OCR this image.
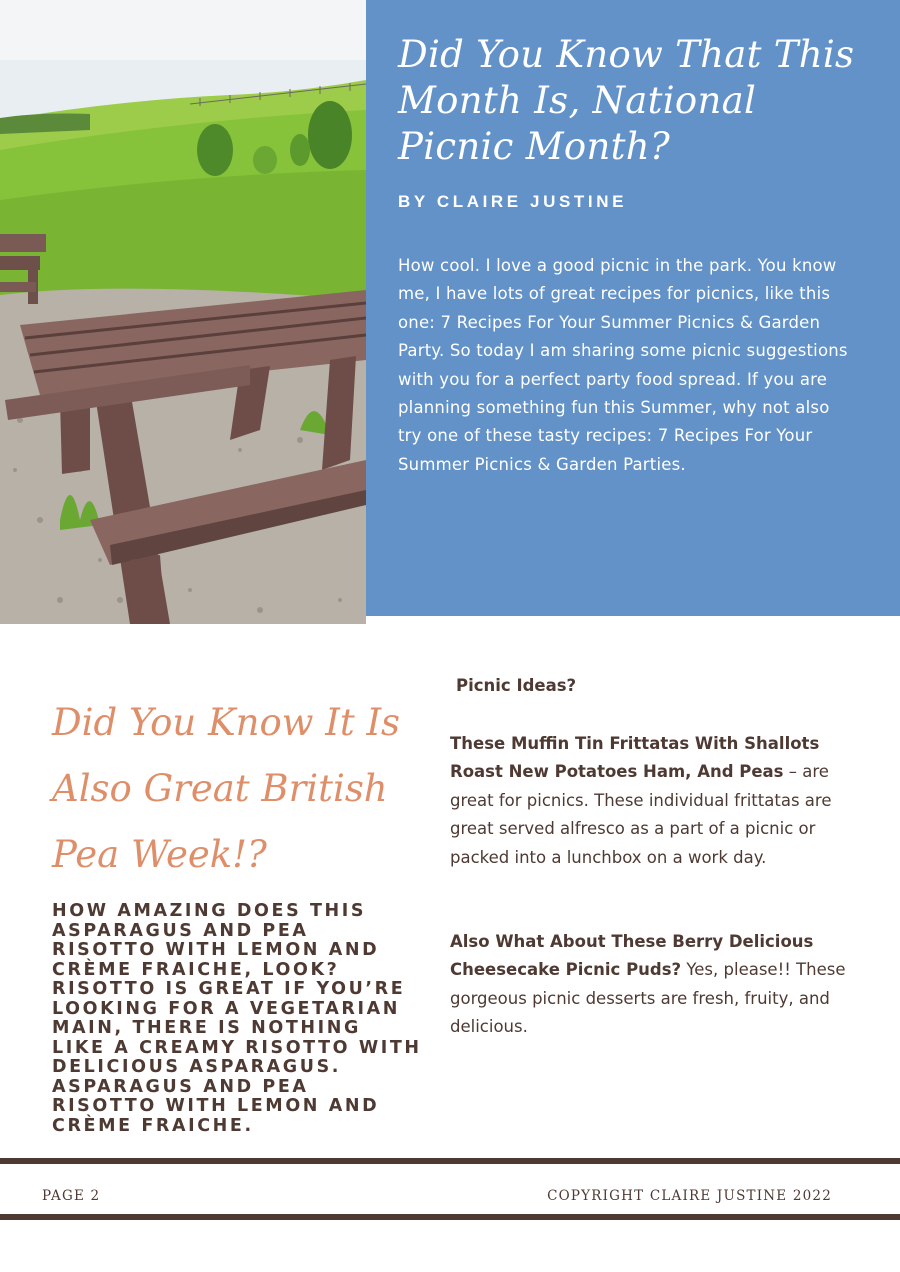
Did You Know That This Month Is, National Picnic Month?

BY CLAIRE JUSTINE

How cool. I love a good picnic in the park. You know me, I have lots of great recipes for picnics, like this one: 7 Recipes For Your Summer Picnics & Garden Party. So today I am sharing some picnic suggestions with you for a perfect party food spread. If you are planning something fun this Summer, why not also try one of these tasty recipes: 7 Recipes For Your Summer Picnics & Garden Parties.

Did You Know It Is Also Great British Pea Week!?

HOW AMAZING DOES THIS ASPARAGUS AND PEA RISOTTO WITH LEMON AND CRÈME FRAICHE, LOOK? RISOTTO IS GREAT IF YOU’RE LOOKING FOR A VEGETARIAN MAIN, THERE IS NOTHING LIKE A CREAMY RISOTTO WITH DELICIOUS ASPARAGUS. ASPARAGUS AND PEA RISOTTO WITH LEMON AND CRÈME FRAICHE.

Picnic Ideas?

These Muffin Tin Frittatas With Shallots Roast New Potatoes Ham, And Peas – are great for picnics. These individual frittatas are great served alfresco as a part of a picnic or packed into a lunchbox on a work day.

Also What About These Berry Delicious Cheesecake Picnic Puds? Yes, please!! These gorgeous picnic desserts are fresh, fruity, and delicious.

PAGE 2	COPYRIGHT CLAIRE JUSTINE 2022
